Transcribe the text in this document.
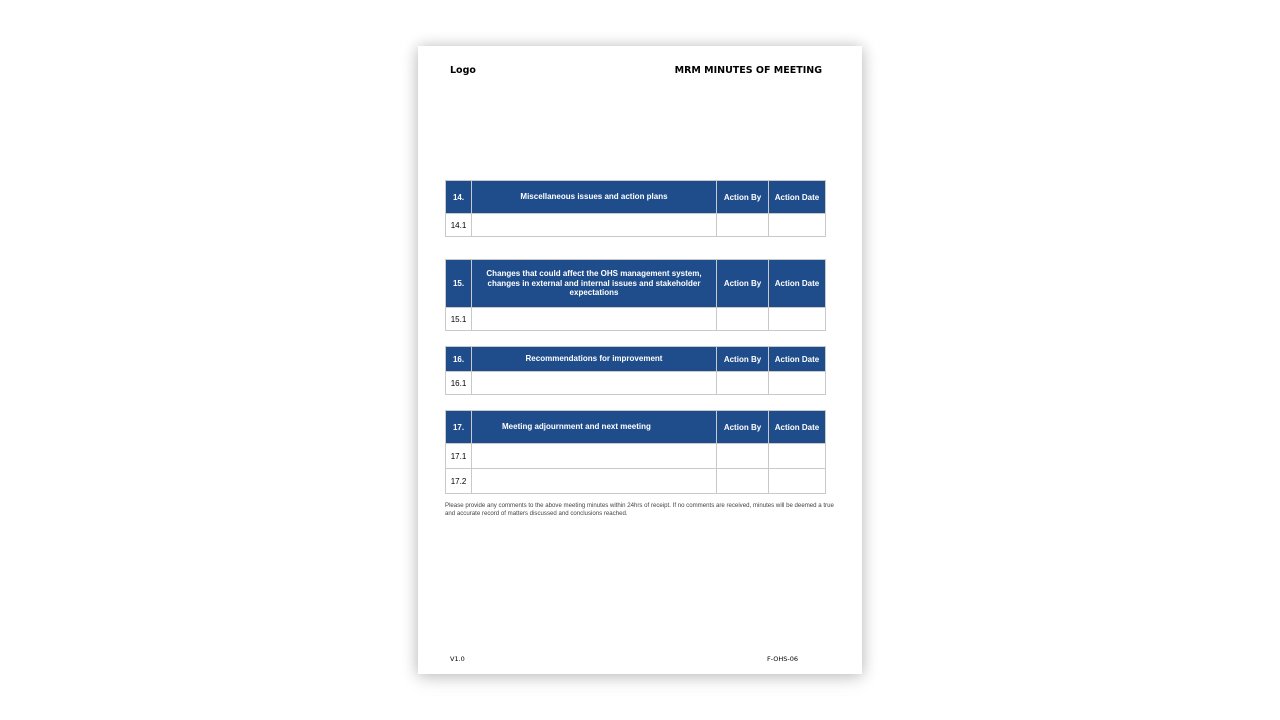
Logo	MRM MINUTES OF MEETING
14.	Miscellaneous issues and action plans	Action By	Action Date
14.1			
15.	Changes that could affect the OHS management system, changes in external and internal issues and stakeholder expectations	Action By	Action Date
15.1			
16.	Recommendations for improvement	Action By	Action Date
16.1			
17.	Meeting adjournment and next meeting	Action By	Action Date
17.1			
17.2			
Please provide any comments to the above meeting minutes within 24hrs of receipt. If no comments are received, minutes will be deemed a true and accurate record of matters discussed and conclusions reached.
V1.0	F-OHS-06
